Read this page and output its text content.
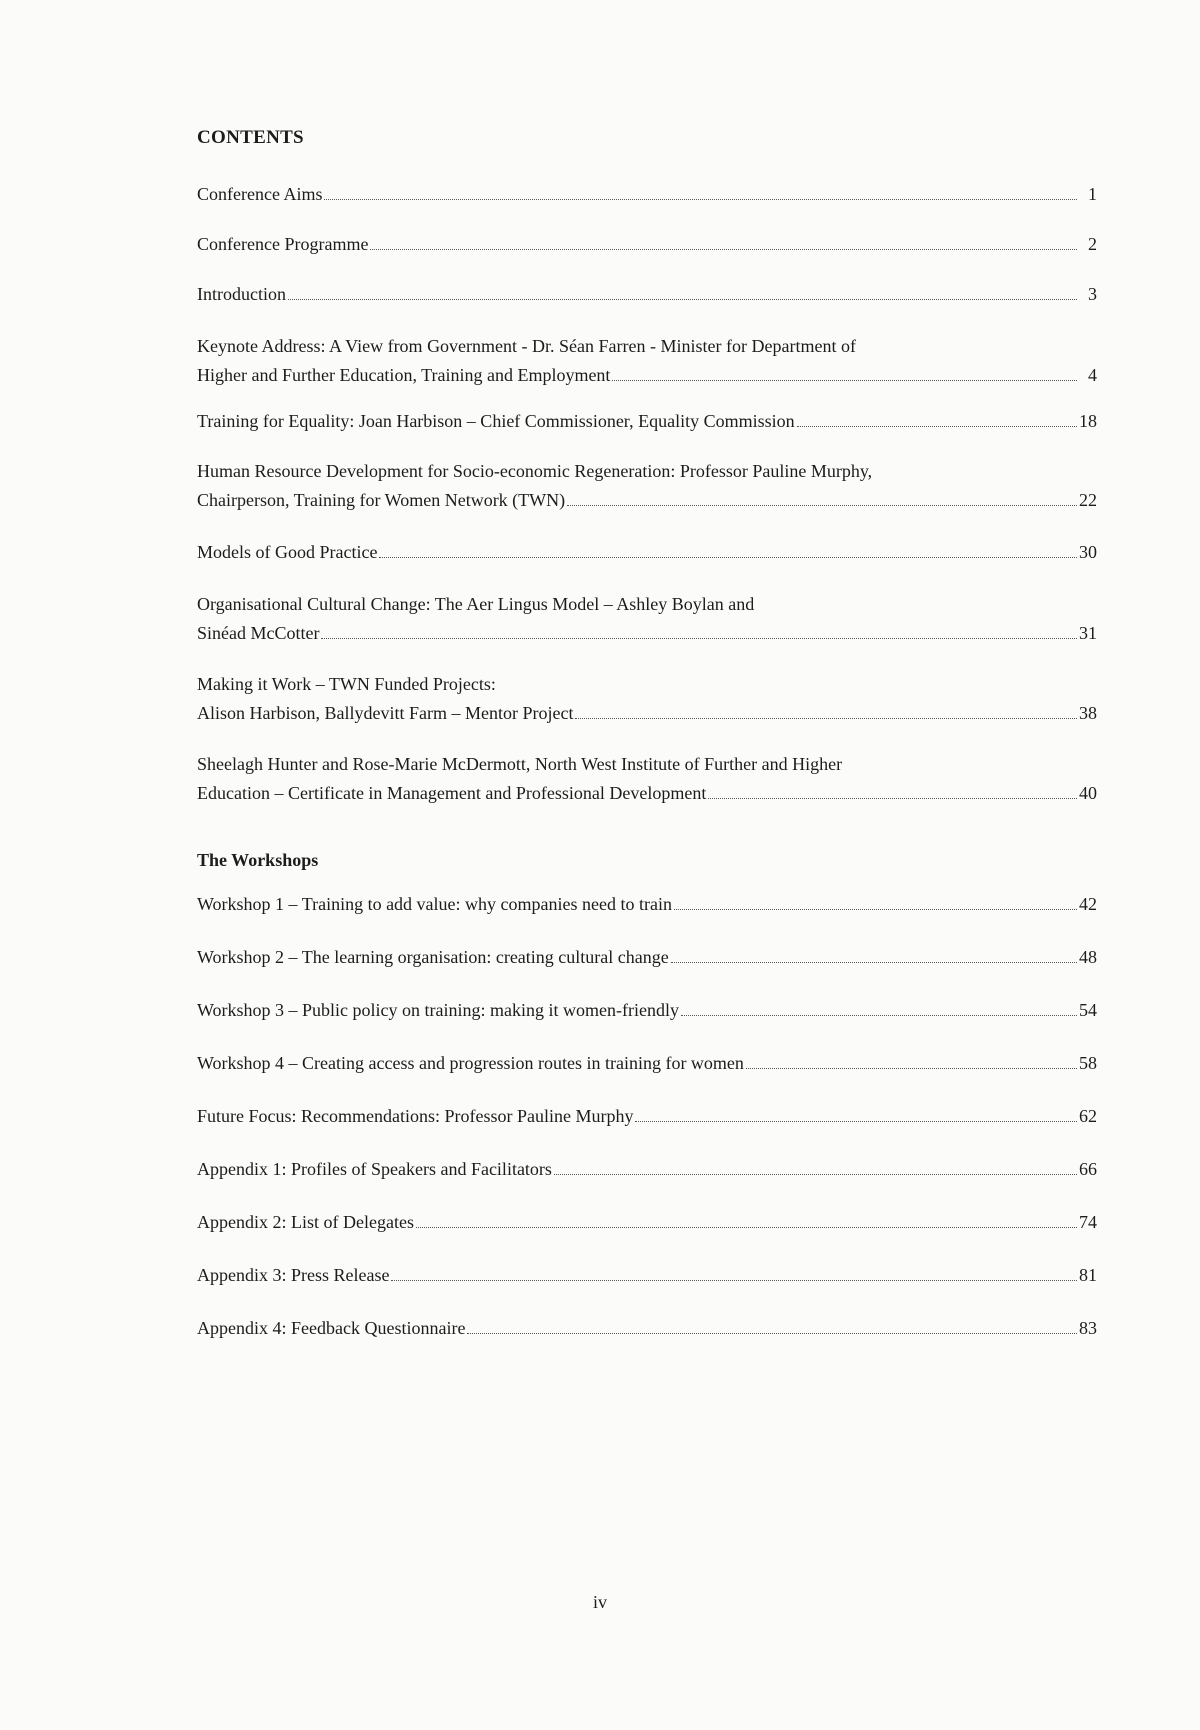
CONTENTS
Conference Aims	1
Conference Programme	2
Introduction	3
Keynote Address: A View from Government - Dr. Séan Farren - Minister for Department of
Higher and Further Education, Training and Employment	4
Training for Equality: Joan Harbison – Chief Commissioner, Equality Commission	18
Human Resource Development for Socio-economic Regeneration: Professor Pauline Murphy,
Chairperson, Training for Women Network (TWN)	22
Models of Good Practice	30
Organisational Cultural Change: The Aer Lingus Model – Ashley Boylan and
Sinéad McCotter	31
Making it Work – TWN Funded Projects:
Alison Harbison, Ballydevitt Farm – Mentor Project	38
Sheelagh Hunter and Rose-Marie McDermott, North West Institute of Further and Higher
Education – Certificate in Management and Professional Development	40
The Workshops
Workshop 1 – Training to add value: why companies need to train	42
Workshop 2 – The learning organisation: creating cultural change	48
Workshop 3 – Public policy on training: making it women-friendly	54
Workshop 4 – Creating access and progression routes in training for women	58
Future Focus: Recommendations: Professor Pauline Murphy	62
Appendix 1: Profiles of Speakers and Facilitators	66
Appendix 2: List of Delegates	74
Appendix 3: Press Release	81
Appendix 4: Feedback Questionnaire	83
iv
